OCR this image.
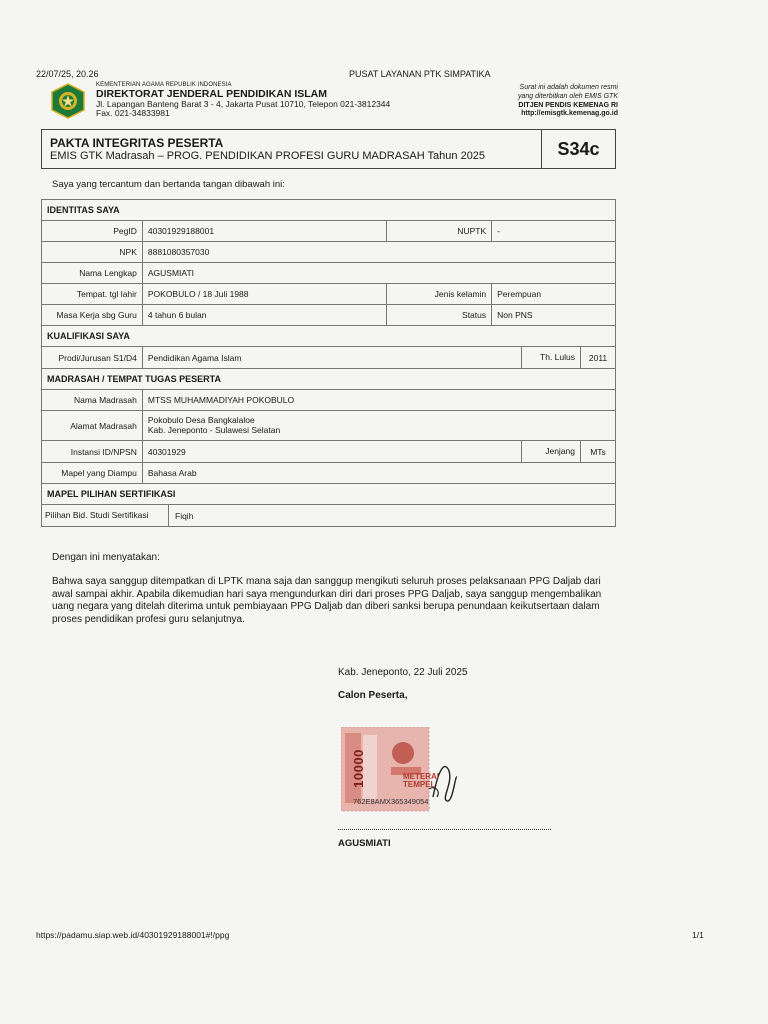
22/07/25, 20.26	PUSAT LAYANAN PTK SIMPATIKA
KEMENTERIAN AGAMA REPUBLIK INDONESIA
DIREKTORAT JENDERAL PENDIDIKAN ISLAM
Jl. Lapangan Banteng Barat 3 - 4, Jakarta Pusat 10710, Telepon 021-3812344
Fax. 021-34833981
Surat ini adalah dokumen resmi
yang diterbitkan oleh EMIS GTK
DITJEN PENDIS KEMENAG RI
http://emisgtk.kemenag.go.id
PAKTA INTEGRITAS PESERTA
EMIS GTK Madrasah – PROG. PENDIDIKAN PROFESI GURU MADRASAH Tahun 2025	S34c
Saya yang tercantum dan bertanda tangan dibawah ini:
IDENTITAS SAYA				
PegID	40301929188001	NUPTK	-	
NPK	8881080357030			
Nama Lengkap	AGUSMIATI			
Tempat. tgl lahir	POKOBULO / 18 Juli 1988	Jenis kelamin	Perempuan	
Masa Kerja sbg Guru	4 tahun 6 bulan	Status	Non PNS	
KUALIFIKASI SAYA				
Prodi/Jurusan S1/D4	Pendidikan Agama Islam			Th. Lulus 2011

MADRASAH / TEMPAT TUGAS PESERTA				
Nama Madrasah	MTSS MUHAMMADIYAH POKOBULO			
Alamat Madrasah	Pokobulo Desa Bangkalaloe
Kab. Jeneponto - Sulawesi Selatan			

Instansi ID/NPSN	40301929			Jenjang MTs

Mapel yang Diampu	Bahasa Arab			
MAPEL PILIHAN SERTIFIKASI				

Pilihan Bid. Studi Sertifikasi Fiqih				
Dengan ini menyatakan:
Bahwa saya sanggup ditempatkan di LPTK mana saja dan sanggup mengikuti seluruh proses pelaksanaan PPG Daljab dari awal sampai akhir. Apabila dikemudian hari saya mengundurkan diri dari proses PPG Daljab, saya sanggup mengembalikan uang negara yang ditelah diterima untuk pembiayaan PPG Daljab dan diberi sanksi berupa penundaan keikutsertaan dalam proses pendidikan profesi guru selanjutnya.
Kab. Jeneponto, 22 Juli 2025
Calon Peserta,
10000	METERAI
TEMPEL
762E8AMX365349054
AGUSMIATI
https://padamu.siap.web.id/40301929188001#!/ppg	1/1
